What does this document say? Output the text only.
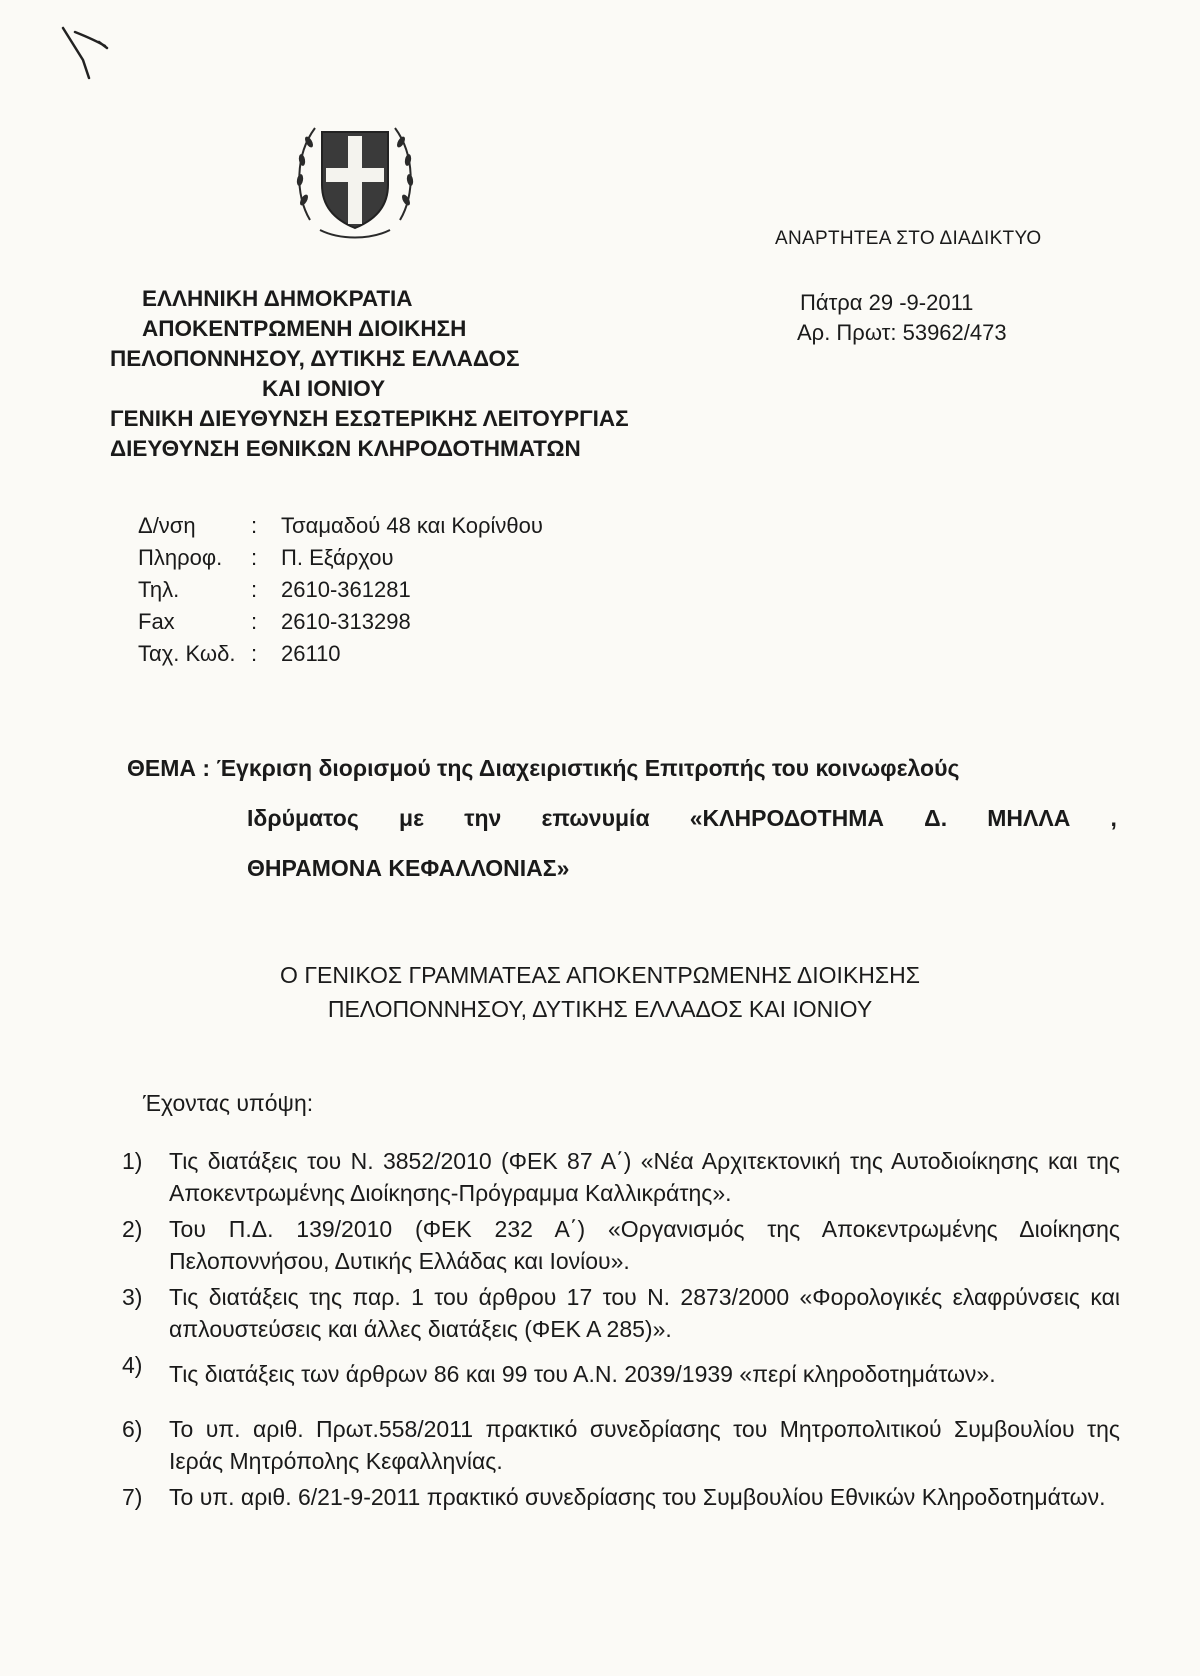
ΑΝΑΡΤΗΤΕΑ ΣΤΟ ΔΙΑΔΙΚΤΥΟ
ΕΛΛΗΝΙΚΗ ΔΗΜΟΚΡΑΤΙΑ
ΑΠΟΚΕΝΤΡΩΜΕΝΗ ΔΙΟΙΚΗΣΗ
ΠΕΛΟΠΟΝΝΗΣΟΥ, ΔΥΤΙΚΗΣ ΕΛΛΑΔΟΣ
ΚΑΙ ΙΟΝΙΟΥ
ΓΕΝΙΚΗ ΔΙΕΥΘΥΝΣΗ ΕΣΩΤΕΡΙΚΗΣ ΛΕΙΤΟΥΡΓΙΑΣ
ΔΙΕΥΘΥΝΣΗ ΕΘΝΙΚΩΝ ΚΛΗΡΟΔΟΤΗΜΑΤΩΝ
Πάτρα 29 -9-2011
Αρ. Πρωτ: 53962/473
Δ/νση	:	Τσαμαδού 48 και Κορίνθου
Πληροφ.	:	Π. Εξάρχου
Τηλ.	:	2610-361281
Fax	:	2610-313298
Ταχ. Κωδ. :	26110
ΘΕΜΑ : Έγκριση διορισμού της Διαχειριστικής Επιτροπής του κοινωφελούς
Ιδρύματος με την επωνυμία «ΚΛΗΡΟΔΟΤΗΜΑ Δ. ΜΗΛΛΑ ,
ΘΗΡΑΜΟΝΑ ΚΕΦΑΛΛΟΝΙΑΣ»
Ο ΓΕΝΙΚΟΣ ΓΡΑΜΜΑΤΕΑΣ ΑΠΟΚΕΝΤΡΩΜΕΝΗΣ ΔΙΟΙΚΗΣΗΣ
ΠΕΛΟΠΟΝΝΗΣΟΥ, ΔΥΤΙΚΗΣ ΕΛΛΑΔΟΣ ΚΑΙ ΙΟΝΙΟΥ
Έχοντας υπόψη:
1)	Τις διατάξεις του Ν. 3852/2010 (ΦΕΚ 87 Α΄) «Νέα Αρχιτεκτονική της Αυτοδιοίκησης και της Αποκεντρωμένης Διοίκησης-Πρόγραμμα Καλλικράτης».
2)	Του Π.Δ. 139/2010 (ΦΕΚ 232 Α΄) «Οργανισμός της Αποκεντρωμένης Διοίκησης Πελοποννήσου, Δυτικής Ελλάδας και Ιονίου».
3)	Τις διατάξεις της παρ. 1 του άρθρου 17 του Ν. 2873/2000 «Φορολογικές ελαφρύνσεις και απλουστεύσεις και άλλες διατάξεις (ΦΕΚ Α 285)».
4)	Τις διατάξεις των άρθρων 86 και 99 του Α.Ν. 2039/1939 «περί κληροδοτημάτων».
6)	Το υπ. αριθ. Πρωτ.558/2011 πρακτικό συνεδρίασης του Μητροπολιτικού Συμβουλίου της Ιεράς Μητρόπολης Κεφαλληνίας.
7)	Το υπ. αριθ. 6/21-9-2011 πρακτικό συνεδρίασης του Συμβουλίου Εθνικών Κληροδοτημάτων.
